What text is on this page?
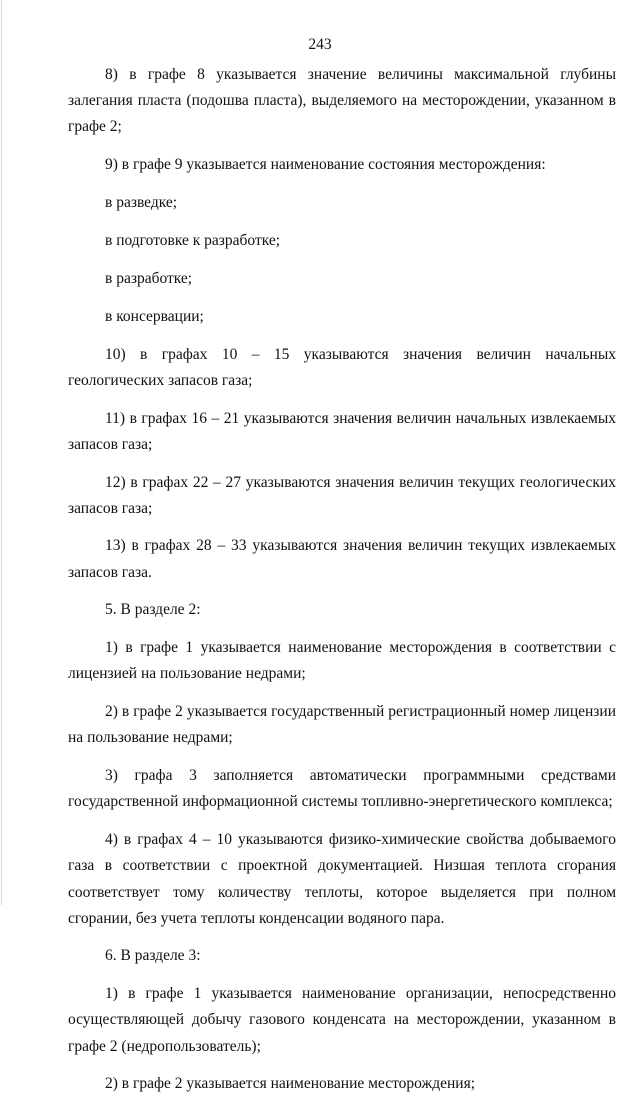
243

8) в графе 8 указывается значение величины максимальной глубины залегания пласта (подошва пласта), выделяемого на месторождении, указанном в графе 2;

9) в графе 9 указывается наименование состояния месторождения:

в разведке;

в подготовке к разработке;

в разработке;

в консервации;

10) в графах 10 – 15 указываются значения величин начальных геологических запасов газа;

11) в графах 16 – 21 указываются значения величин начальных извлекаемых запасов газа;

12) в графах 22 – 27 указываются значения величин текущих геологических запасов газа;

13) в графах 28 – 33 указываются значения величин текущих извлекаемых запасов газа.

5. В разделе 2:

1) в графе 1 указывается наименование месторождения в соответствии с лицензией на пользование недрами;

2) в графе 2 указывается государственный регистрационный номер лицензии на пользование недрами;

3) графа 3 заполняется автоматически программными средствами
государственной информационной системы топливно-энергетического комплекса;

4) в графах 4 – 10 указываются физико-химические свойства добываемого газа в соответствии с проектной документацией. Низшая теплота сгорания соответствует тому количеству теплоты, которое выделяется при полном сгорании, без учета теплоты конденсации водяного пара.

6. В разделе 3:

1) в графе 1 указывается наименование организации, непосредственно осуществляющей добычу газового конденсата на месторождении, указанном в графе 2 (недропользователь);

2) в графе 2 указывается наименование месторождения;
